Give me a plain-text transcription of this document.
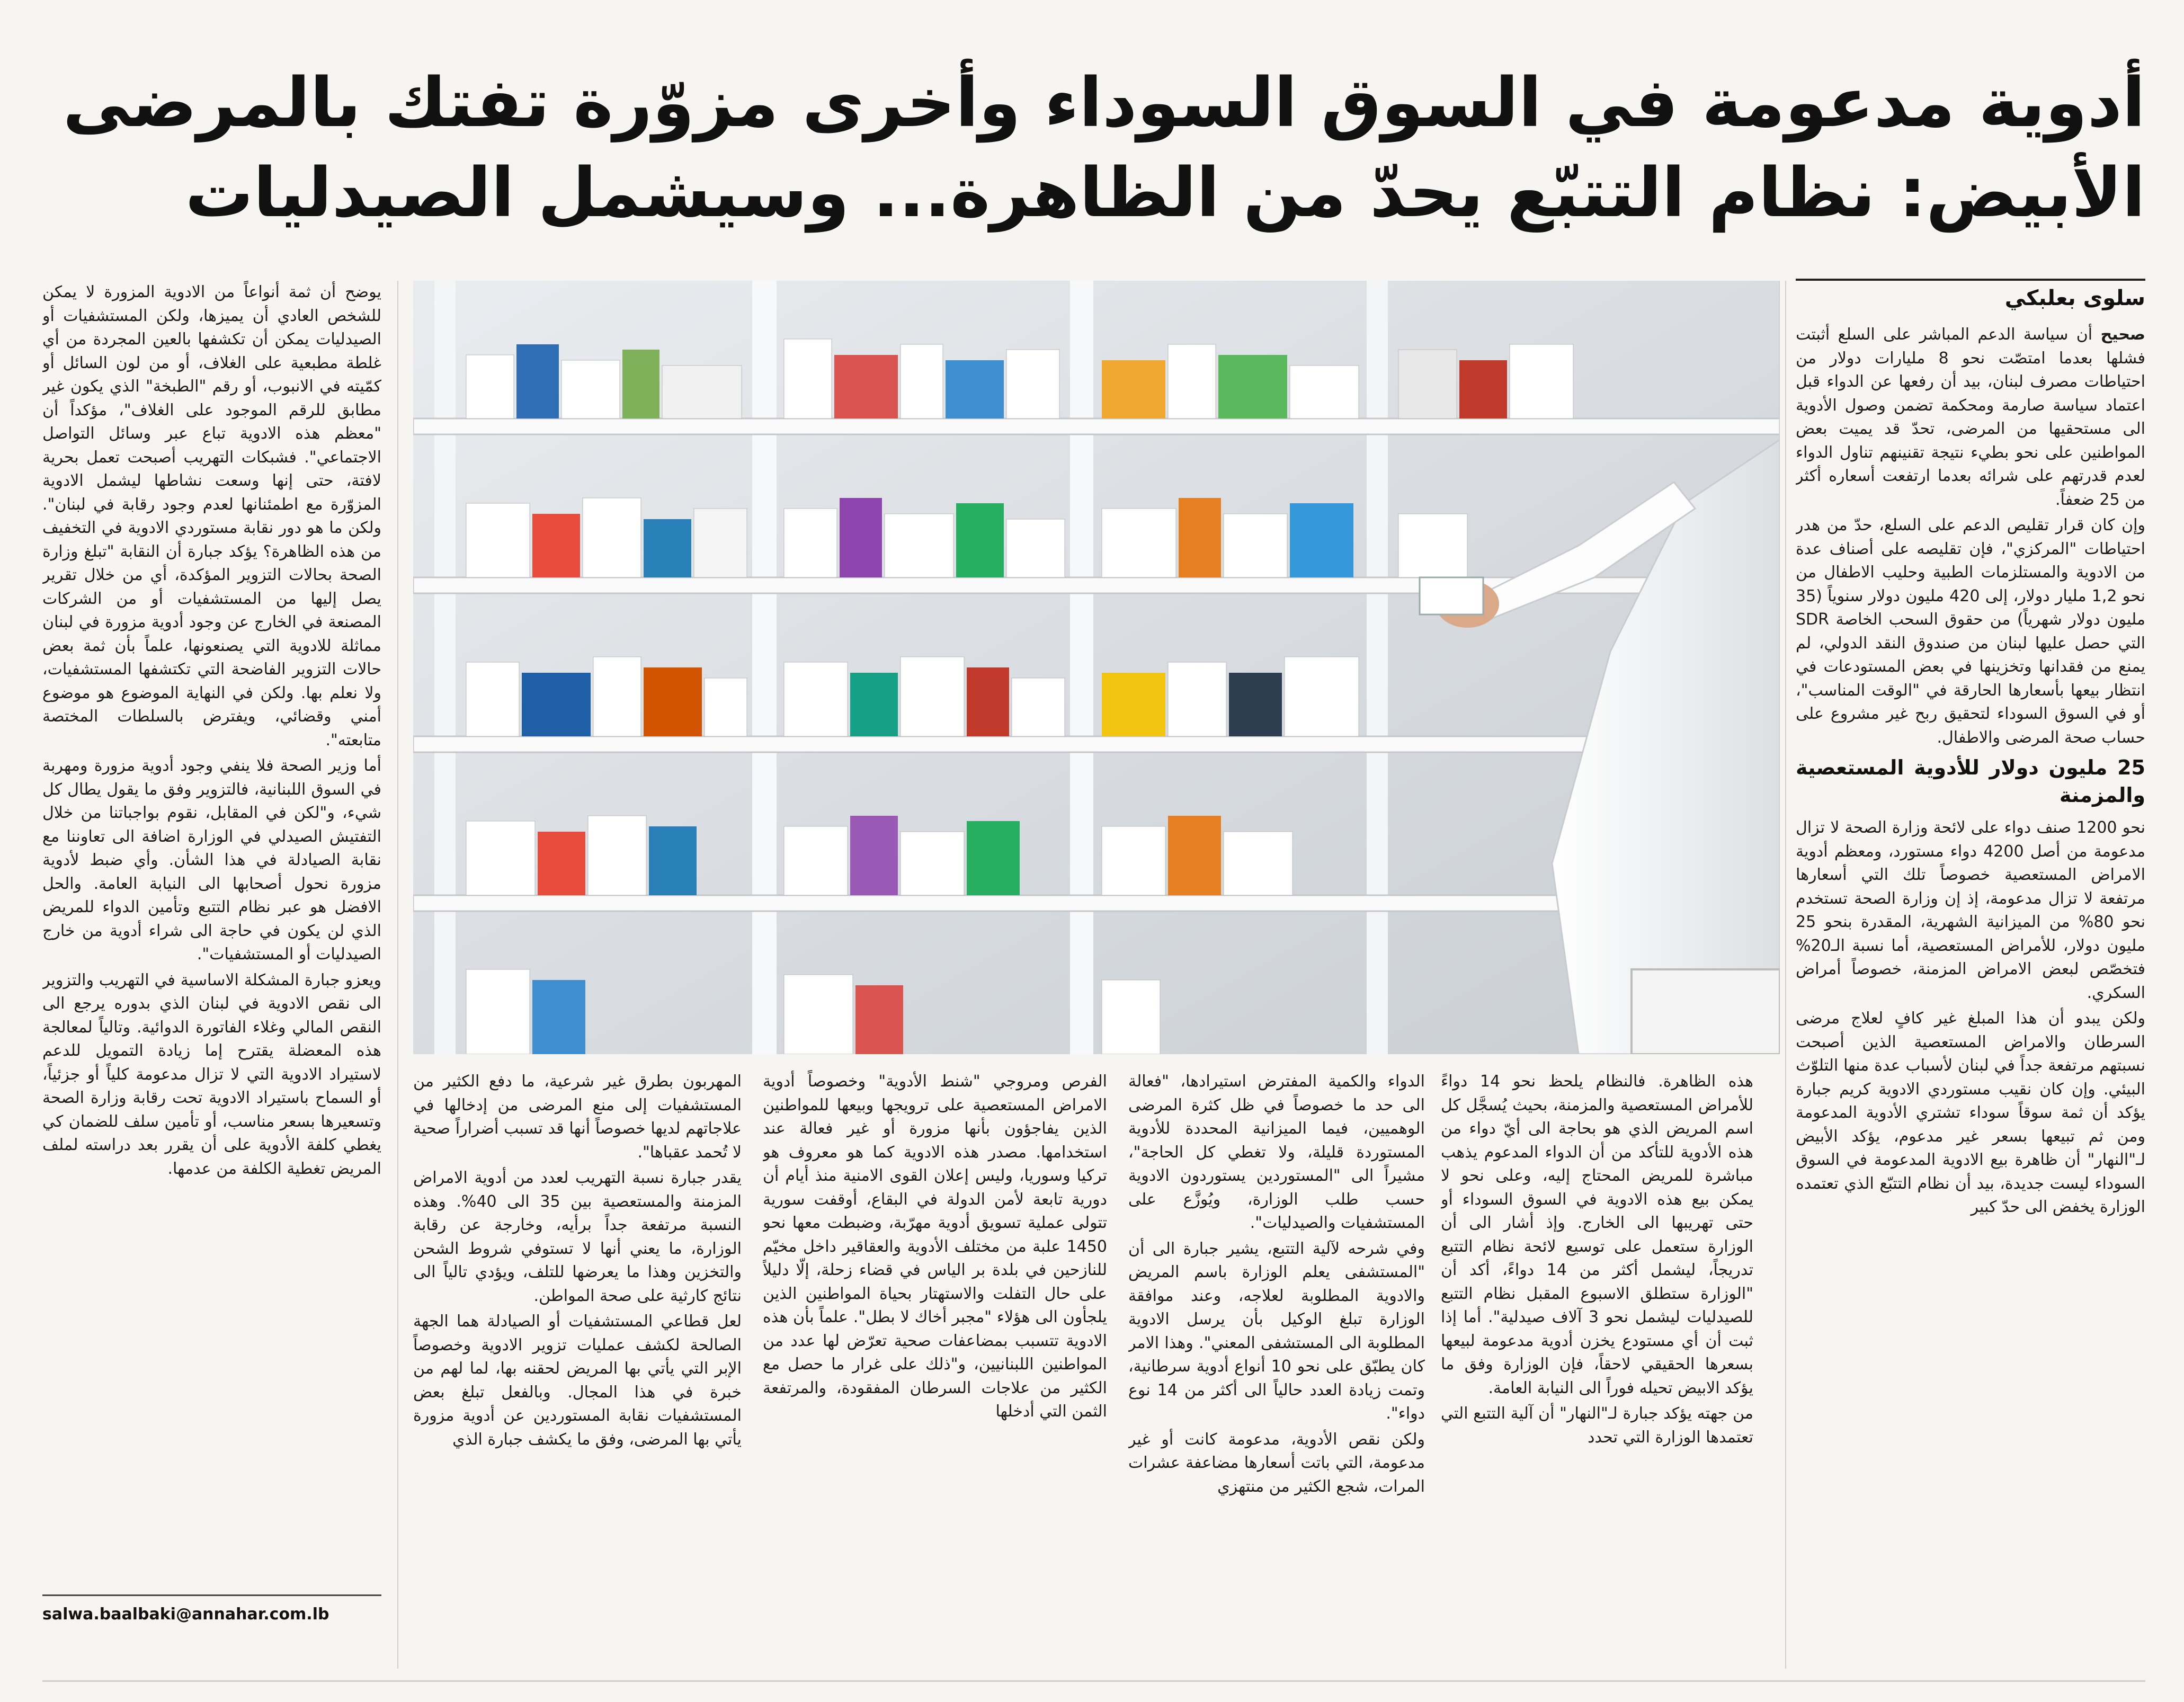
أدوية مدعومة في السوق السوداء وأخرى مزوّرة تفتك بالمرضى
الأبيض: نظام التتبّع يحدّ من الظاهرة... وسيشمل الصيدليات
سلوى بعلبكي

صحيح أن سياسة الدعم المباشر على السلع أثبتت فشلها بعدما امتصّت نحو 8 مليارات دولار من احتياطات مصرف لبنان، بيد أن رفعها عن الدواء قبل اعتماد سياسة صارمة ومحكمة تضمن وصول الأدوية الى مستحقيها من المرضى، تحدّ قد يميت بعض المواطنين على نحو بطيء نتيجة تقنينهم تناول الدواء لعدم قدرتهم على شرائه بعدما ارتفعت أسعاره أكثر من 25 ضعفاً.

وإن كان قرار تقليص الدعم على السلع، حدّ من هدر احتياطات "المركزي"، فإن تقليصه على أصناف عدة من الادوية والمستلزمات الطبية وحليب الاطفال من نحو 1,2 مليار دولار، إلى 420 مليون دولار سنوياً (35 مليون دولار شهرياً) من حقوق السحب الخاصة SDR التي حصل عليها لبنان من صندوق النقد الدولي، لم يمنع من فقدانها وتخزينها في بعض المستودعات في انتظار بيعها بأسعارها الحارقة في "الوقت المناسب"، أو في السوق السوداء لتحقيق ربح غير مشروع على حساب صحة المرضى والاطفال.

25 مليون دولار للأدوية المستعصية والمزمنة

نحو 1200 صنف دواء على لائحة وزارة الصحة لا تزال مدعومة من أصل 4200 دواء مستورد، ومعظم أدوية الامراض المستعصية خصوصاً تلك التي أسعارها مرتفعة لا تزال مدعومة، إذ إن وزارة الصحة تستخدم نحو 80% من الميزانية الشهرية، المقدرة بنحو 25 مليون دولار، للأمراض المستعصية، أما نسبة الـ20% فتخصّص لبعض الامراض المزمنة، خصوصاً أمراض السكري.

ولكن يبدو أن هذا المبلغ غير كافٍ لعلاج مرضى السرطان والامراض المستعصية الذين أصبحت نسبتهم مرتفعة جداً في لبنان لأسباب عدة منها التلوّث البيئي. وإن كان نقيب مستوردي الادوية كريم جبارة يؤكد أن ثمة سوقاً سوداء تشتري الأدوية المدعومة ومن ثم تبيعها بسعر غير مدعوم، يؤكد الأبيض لـ"النهار" أن ظاهرة بيع الادوية المدعومة في السوق السوداء ليست جديدة، بيد أن نظام التتبّع الذي تعتمده الوزارة يخفض الى حدّ كبير

هذه الظاهرة. فالنظام يلحظ نحو 14 دواءً للأمراض المستعصية والمزمنة، بحيث يُسجَّل كل اسم المريض الذي هو بحاجة الى أيّ دواء من هذه الأدوية للتأكد من أن الدواء المدعوم يذهب مباشرة للمريض المحتاج إليه، وعلى نحو لا يمكن بيع هذه الادوية في السوق السوداء أو حتى تهريبها الى الخارج. وإذ أشار الى أن الوزارة ستعمل على توسيع لائحة نظام التتبع تدريجاً، ليشمل أكثر من 14 دواءً، أكد أن "الوزارة ستطلق الاسبوع المقبل نظام التتبع للصيدليات ليشمل نحو 3 آلاف صيدلية". أما إذا ثبت أن أي مستودع يخزن أدوية مدعومة لبيعها بسعرها الحقيقي لاحقاً، فإن الوزارة وفق ما يؤكد الابيض تحيله فوراً الى النيابة العامة.

من جهته يؤكد جبارة لـ"النهار" أن آلية التتبع التي تعتمدها الوزارة التي تحدد

الدواء والكمية المفترض استيرادها، "فعالة الى حد ما خصوصاً في ظل كثرة المرضى الوهميين، فيما الميزانية المحددة للأدوية المستوردة قليلة، ولا تغطي كل الحاجة"، مشيراً الى "المستوردين يستوردون الادوية حسب طلب الوزارة، ويُوزَّع على المستشفيات والصيدليات".

وفي شرحه لآلية التتبع، يشير جبارة الى أن "المستشفى يعلم الوزارة باسم المريض والادوية المطلوبة لعلاجه، وعند موافقة الوزارة تبلغ الوكيل بأن يرسل الادوية المطلوبة الى المستشفى المعني". وهذا الامر كان يطبّق على نحو 10 أنواع أدوية سرطانية، وتمت زيادة العدد حالياً الى أكثر من 14 نوع دواء".

ولكن نقص الأدوية، مدعومة كانت أو غير مدعومة، التي باتت أسعارها مضاعفة عشرات المرات، شجع الكثير من منتهزي

الفرص ومروجي "شنط الأدوية" وخصوصاً أدوية الامراض المستعصية على ترويجها وبيعها للمواطنين الذين يفاجؤون بأنها مزورة أو غير فعالة عند استخدامها. مصدر هذه الادوية كما هو معروف هو تركيا وسوريا، وليس إعلان القوى الامنية منذ أيام أن دورية تابعة لأمن الدولة في البقاع، أوقفت سورية تتولى عملية تسويق أدوية مهرّبة، وضبطت معها نحو 1450 علبة من مختلف الأدوية والعقاقير داخل مخيّم للنازحين في بلدة بر الياس في قضاء زحلة، إلّا دليلاً على حال التفلت والاستهتار بحياة المواطنين الذين يلجأون الى هؤلاء "مجبر أخاك لا بطل". علماً بأن هذه الادوية تتسبب بمضاعفات صحية تعرّض لها عدد من المواطنين اللبنانيين، و"ذلك على غرار ما حصل مع الكثير من علاجات السرطان المفقودة، والمرتفعة الثمن التي أدخلها

المهربون بطرق غير شرعية، ما دفع الكثير من المستشفيات إلى منع المرضى من إدخالها في علاجاتهم لديها خصوصاً أنها قد تسبب أضراراً صحية لا تُحمد عقباها".

يقدر جبارة نسبة التهريب لعدد من أدوية الامراض المزمنة والمستعصية بين 35 الى 40%. وهذه النسبة مرتفعة جداً برأيه، وخارجة عن رقابة الوزارة، ما يعني أنها لا تستوفي شروط الشحن والتخزين وهذا ما يعرضها للتلف، ويؤدي تالياً الى نتائج كارثية على صحة المواطن.

لعل قطاعي المستشفيات أو الصيادلة هما الجهة الصالحة لكشف عمليات تزوير الادوية وخصوصاً الإبر التي يأتي بها المريض لحقنه بها، لما لهم من خبرة في هذا المجال. وبالفعل تبلغ بعض المستشفيات نقابة المستوردين عن أدوية مزورة يأتي بها المرضى، وفق ما يكشف جبارة الذي

يوضح أن ثمة أنواعاً من الادوية المزورة لا يمكن للشخص العادي أن يميزها، ولكن المستشفيات أو الصيدليات يمكن أن تكشفها بالعين المجردة من أي غلطة مطبعية على الغلاف، أو من لون السائل أو كمّيته في الانبوب، أو رقم "الطبخة" الذي يكون غير مطابق للرقم الموجود على الغلاف"، مؤكداً أن "معظم هذه الادوية تباع عبر وسائل التواصل الاجتماعي". فشبكات التهريب أصبحت تعمل بحرية لافتة، حتى إنها وسعت نشاطها ليشمل الادوية المزوّرة مع اطمئنانها لعدم وجود رقابة في لبنان". ولكن ما هو دور نقابة مستوردي الادوية في التخفيف من هذه الظاهرة؟ يؤكد جبارة أن النقابة "تبلغ وزارة الصحة بحالات التزوير المؤكدة، أي من خلال تقرير يصل إليها من المستشفيات أو من الشركات المصنعة في الخارج عن وجود أدوية مزورة في لبنان مماثلة للادوية التي يصنعونها، علماً بأن ثمة بعض حالات التزوير الفاضحة التي تكتشفها المستشفيات، ولا نعلم بها. ولكن في النهاية الموضوع هو موضوع أمني وقضائي، ويفترض بالسلطات المختصة متابعته".

أما وزير الصحة فلا ينفي وجود أدوية مزورة ومهربة في السوق اللبنانية، فالتزوير وفق ما يقول يطال كل شيء، و"لكن في المقابل، نقوم بواجباتنا من خلال التفتيش الصيدلي في الوزارة اضافة الى تعاوننا مع نقابة الصيادلة في هذا الشأن. وأي ضبط لأدوية مزورة نحول أصحابها الى النيابة العامة. والحل الافضل هو عبر نظام التتبع وتأمين الدواء للمريض الذي لن يكون في حاجة الى شراء أدوية من خارج الصيدليات أو المستشفيات".

ويعزو جبارة المشكلة الاساسية في التهريب والتزوير الى نقص الادوية في لبنان الذي بدوره يرجع الى النقص المالي وغلاء الفاتورة الدوائية. وتالياً لمعالجة هذه المعضلة يقترح إما زيادة التمويل للدعم لاستيراد الادوية التي لا تزال مدعومة كلياً أو جزئياً، أو السماح باستيراد الادوية تحت رقابة وزارة الصحة وتسعيرها بسعر مناسب، أو تأمين سلف للضمان كي يغطي كلفة الأدوية على أن يقرر بعد دراسته لملف المريض تغطية الكلفة من عدمها.

salwa.baalbaki@annahar.com.lb
